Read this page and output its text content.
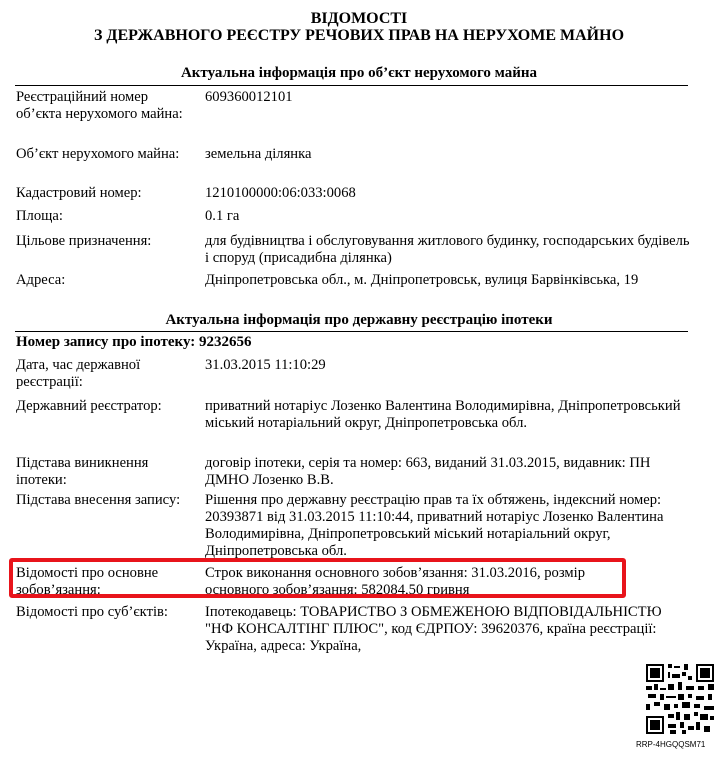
ВІДОМОСТІ
З ДЕРЖАВНОГО РЕЄСТРУ РЕЧОВИХ ПРАВ НА НЕРУХОМЕ МАЙНО
Актуальна інформація про об’єкт нерухомого майна
Реєстраційний номер об’єкта нерухомого майна:
609360012101
Об’єкт нерухомого майна:	земельна ділянка
Кадастровий номер:	1210100000:06:033:0068
Площа:	0.1 га
Цільове призначення:	для будівництва і обслуговування житлового будинку, господарських будівель і споруд (присадибна ділянка)
Адреса:	Дніпропетровська обл., м. Дніпропетровськ, вулиця Барвінківська, 19
Актуальна інформація про державну реєстрацію іпотеки
Номер запису про іпотеку: 9232656
Дата, час державної реєстрації:
31.03.2015 11:10:29
Державний реєстратор:	приватний нотаріус Лозенко Валентина Володимирівна, Дніпропетровський міський нотаріальний округ, Дніпропетровська обл.
Підстава виникнення іпотеки:
договір іпотеки, серія та номер: 663, виданий 31.03.2015, видавник: ПН ДМНО Лозенко В.В.
Підстава внесення запису:	Рішення про державну реєстрацію прав та їх обтяжень, індексний номер: 20393871 від 31.03.2015 11:10:44, приватний нотаріус Лозенко Валентина Володимирівна, Дніпропетровський міський нотаріальний округ, Дніпропетровська обл.
Відомості про основне зобов’язання:
Строк виконання основного зобов’язання: 31.03.2016, розмір основного зобов’язання: 582084,50 гривня
Відомості про суб’єктів:	Іпотекодавець: ТОВАРИСТВО З ОБМЕЖЕНОЮ ВІДПОВІДАЛЬНІСТЮ "НФ КОНСАЛТІНГ ПЛЮС", код ЄДРПОУ: 39620376, країна реєстрації: Україна, адреса: Україна,
RRP-4HGQQSM71
